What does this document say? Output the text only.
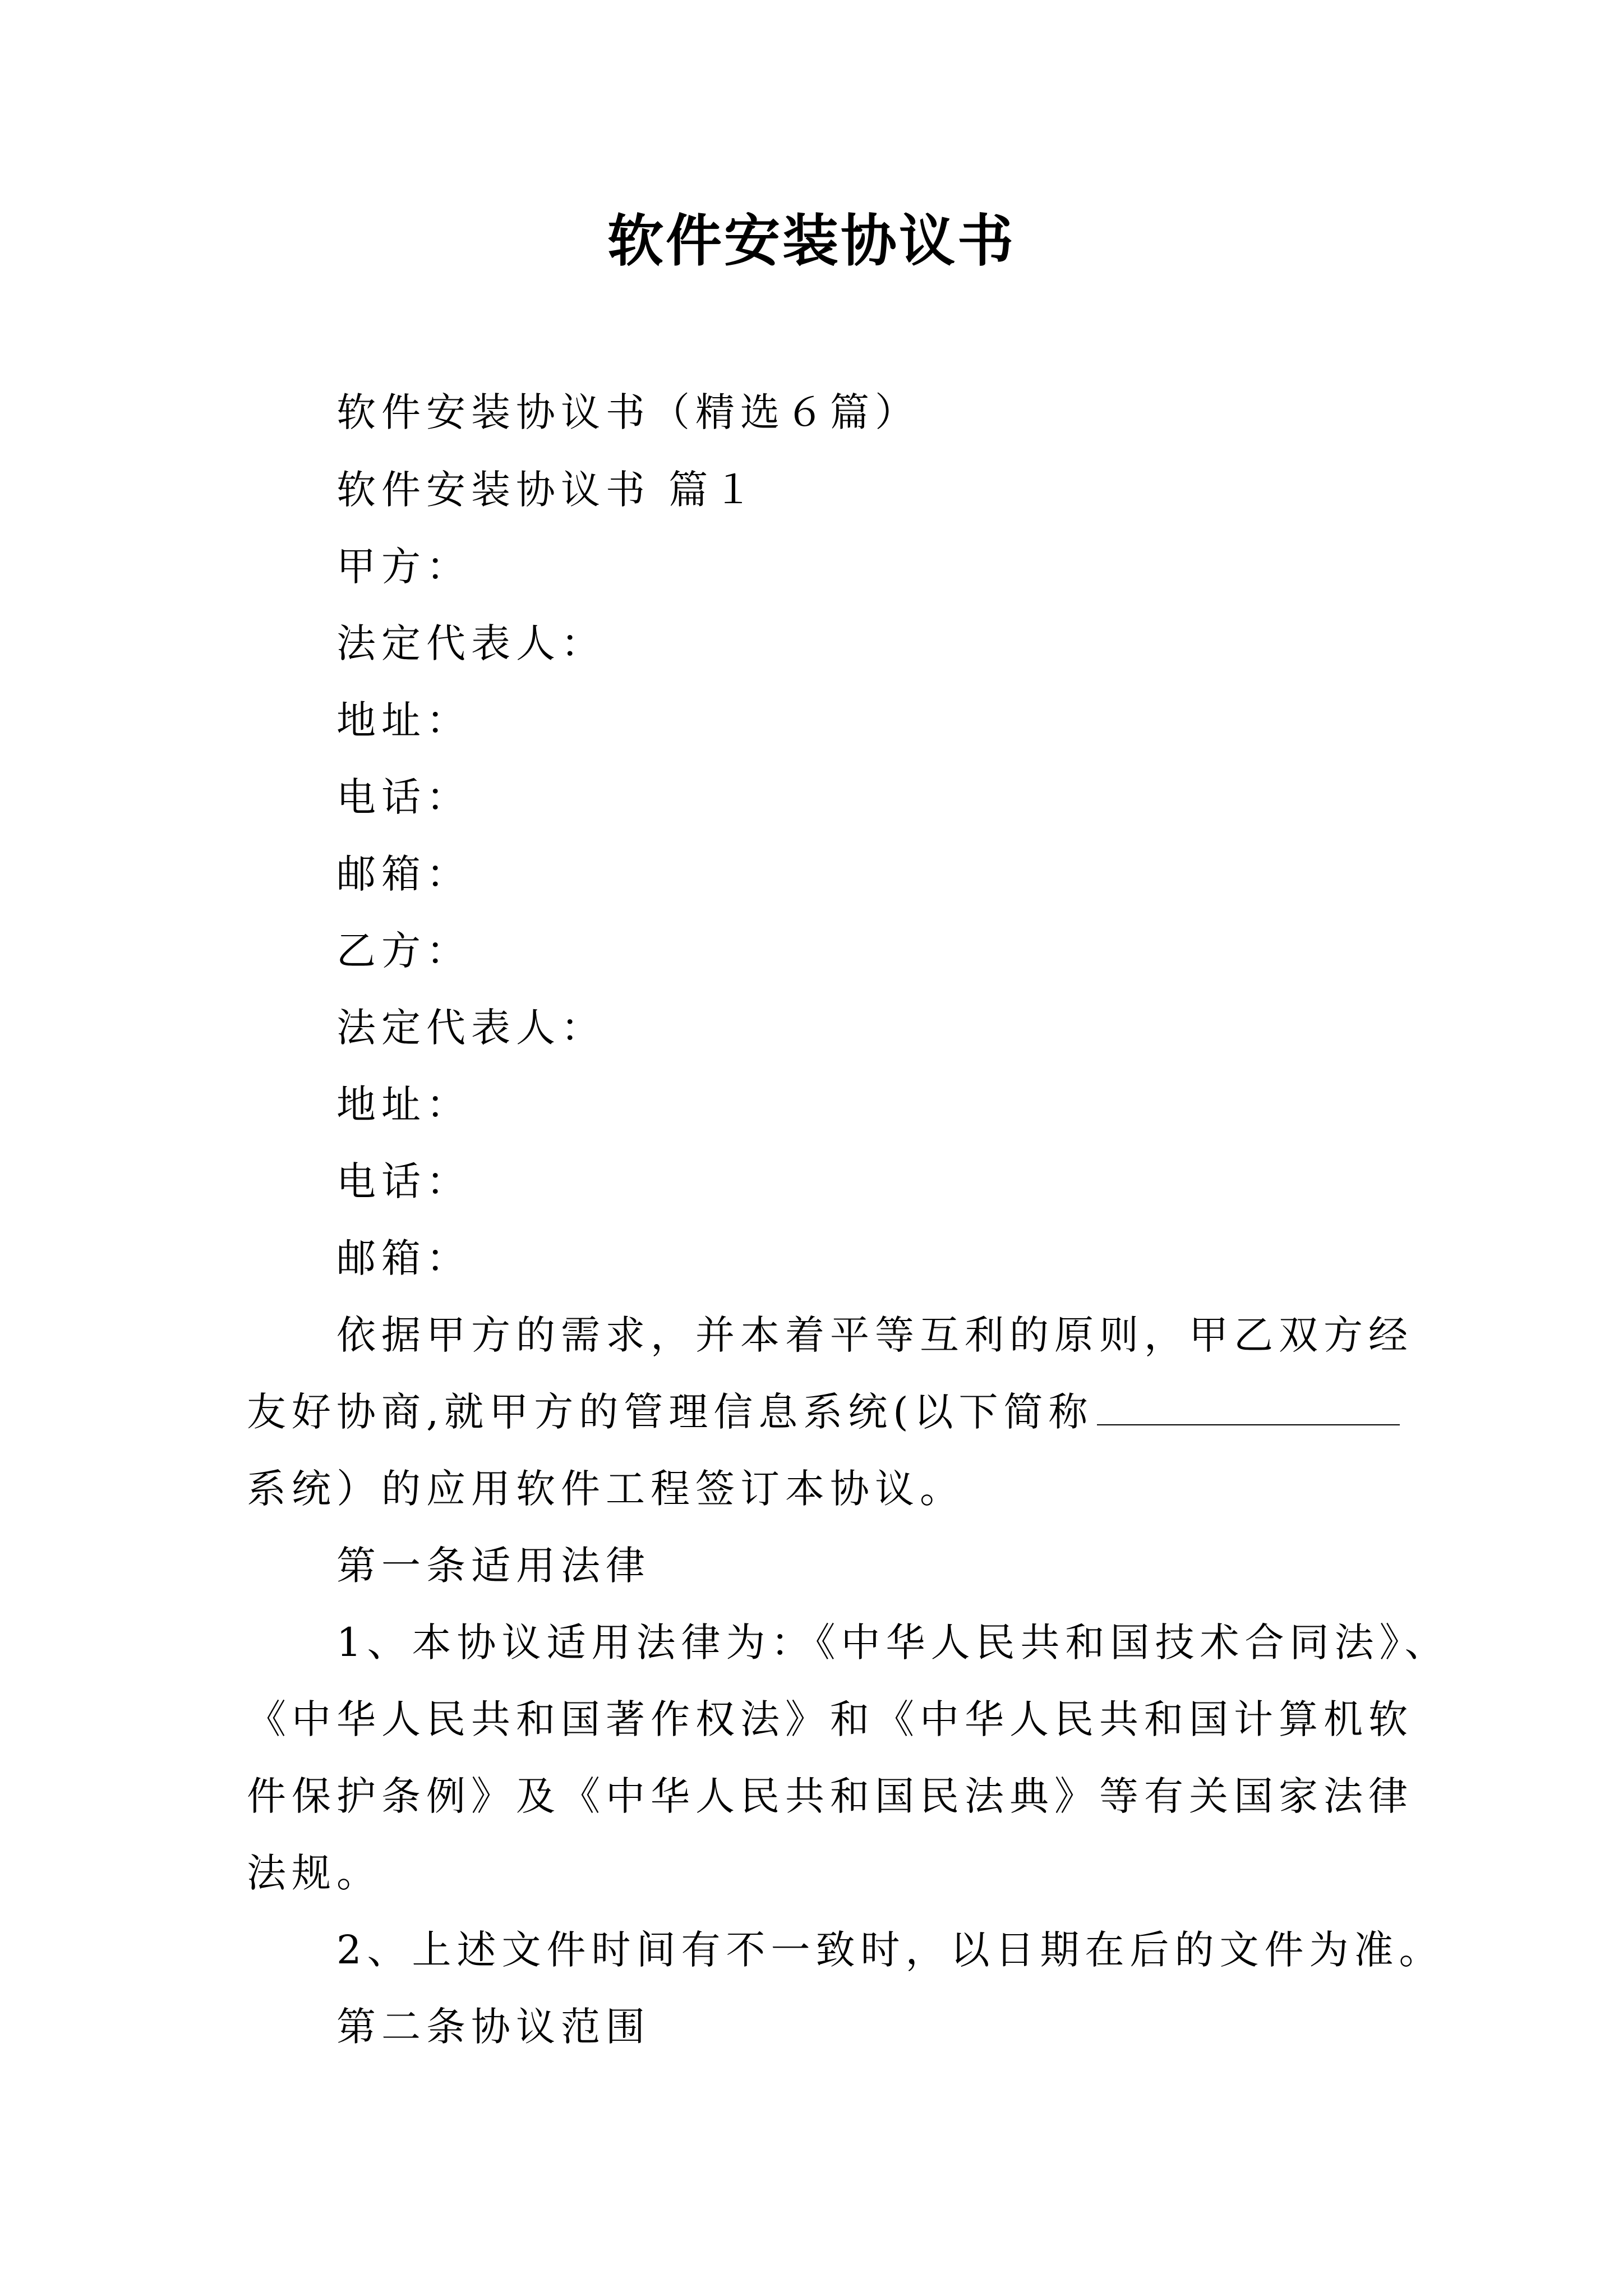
软件安装协议书

软件安装协议书（精选６篇）

软件安装协议书 篇１

甲方：

法定代表人：

地址：

电话：

邮箱：

乙方：

法定代表人：

地址：

电话：

邮箱：

依据甲方的需求，并本着平等互利的原则，甲乙双方经

友好协商,就甲方的管理信息系统(以下简称

系统）的应用软件工程签订本协议。

第一条适用法律

1、本协议适用法律为：《中华人民共和国技术合同法》、

《中华人民共和国著作权法》和《中华人民共和国计算机软

件保护条例》及《中华人民共和国民法典》等有关国家法律

法规。

2、上述文件时间有不一致时，以日期在后的文件为准。

第二条协议范围
